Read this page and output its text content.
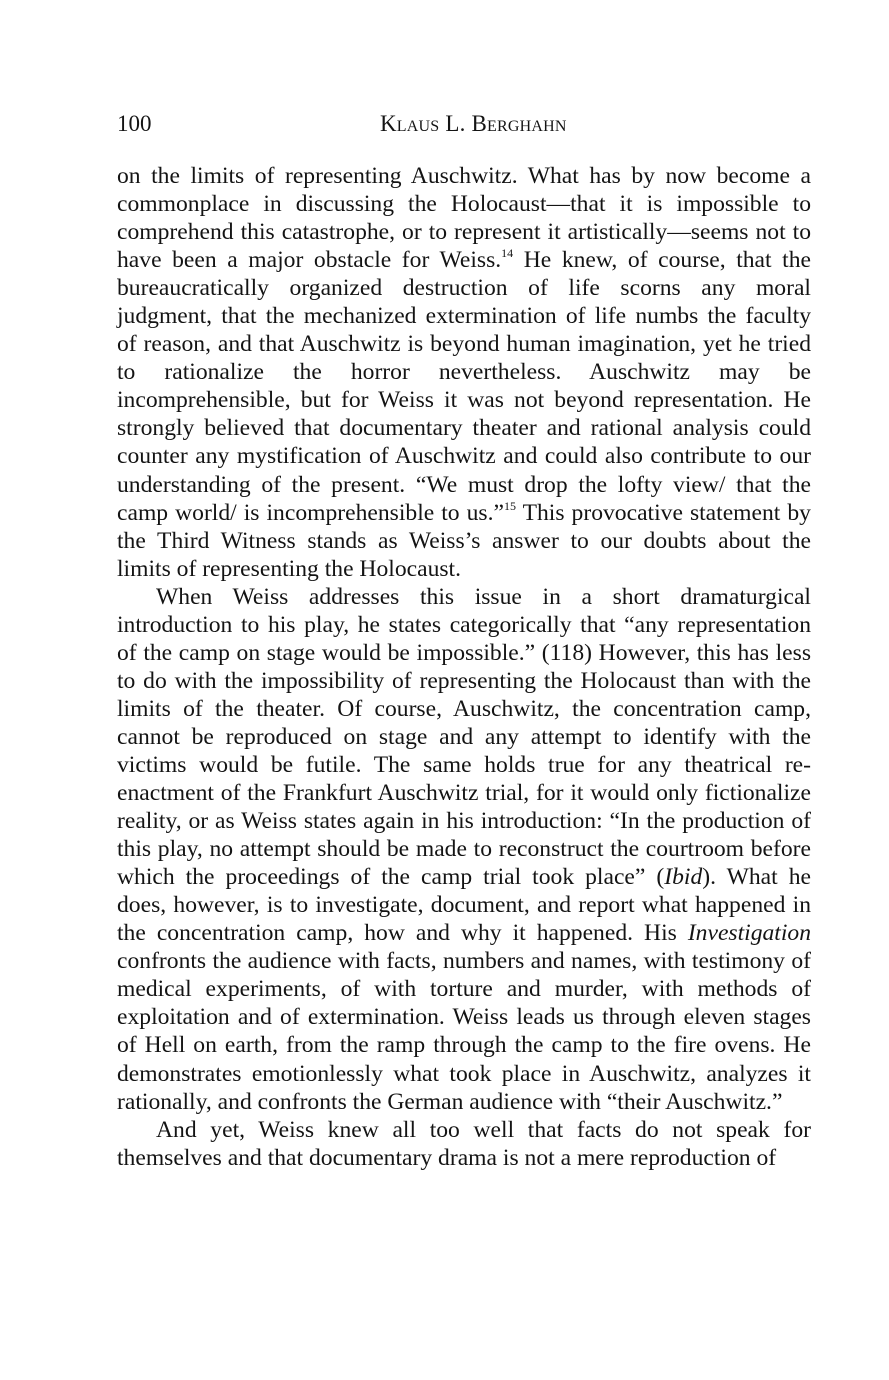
100	Klaus L. Berghahn
on the limits of representing Auschwitz. What has by now become a
commonplace in discussing the Holocaust—that it is impossible to
comprehend this catastrophe, or to represent it artistically—seems not to
have been a major obstacle for Weiss.$^{14}$ He knew, of course, that the
bureaucratically organized destruction of life scorns any moral
judgment, that the mechanized extermination of life numbs the faculty
of reason, and that Auschwitz is beyond human imagination, yet he tried
to rationalize the horror nevertheless. Auschwitz may be
incomprehensible, but for Weiss it was not beyond representation. He
strongly believed that documentary theater and rational analysis could
counter any mystification of Auschwitz and could also contribute to our
understanding of the present. “We must drop the lofty view/ that the
camp world/ is incomprehensible to us.”$^{15}$ This provocative statement by
the Third Witness stands as Weiss’s answer to our doubts about the
limits of representing the Holocaust.
When Weiss addresses this issue in a short dramaturgical
introduction to his play, he states categorically that “any representation
of the camp on stage would be impossible.” (118) However, this has less
to do with the impossibility of representing the Holocaust than with the
limits of the theater. Of course, Auschwitz, the concentration camp,
cannot be reproduced on stage and any attempt to identify with the
victims would be futile. The same holds true for any theatrical re-
enactment of the Frankfurt Auschwitz trial, for it would only fictionalize
reality, or as Weiss states again in his introduction: “In the production of
this play, no attempt should be made to reconstruct the courtroom before
which the proceedings of the camp trial took place” (Ibid). What he
does, however, is to investigate, document, and report what happened in
the concentration camp, how and why it happened. His Investigation
confronts the audience with facts, numbers and names, with testimony of
medical experiments, of with torture and murder, with methods of
exploitation and of extermination. Weiss leads us through eleven stages
of Hell on earth, from the ramp through the camp to the fire ovens. He
demonstrates emotionlessly what took place in Auschwitz, analyzes it
rationally, and confronts the German audience with “their Auschwitz.”
And yet, Weiss knew all too well that facts do not speak for
themselves and that documentary drama is not a mere reproduction of
